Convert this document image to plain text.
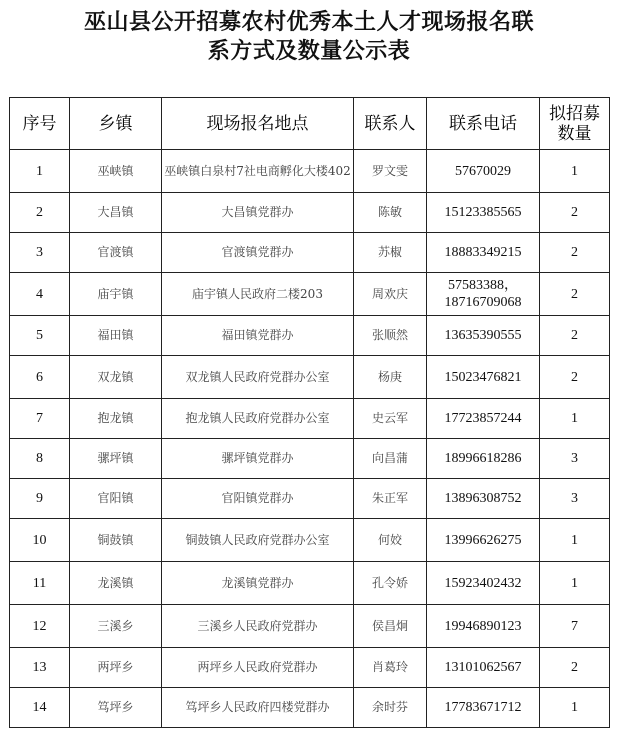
巫山县公开招募农村优秀本土人才现场报名联
系方式及数量公示表
序号	乡镇	现场报名地点	联系人	联系电话	拟招募
数量

1	巫峡镇	巫峡镇白泉村7社电商孵化大楼402	罗文雯	57670029	1
2	大昌镇	大昌镇党群办	陈敏	15123385565	2
3	官渡镇	官渡镇党群办	苏椒	18883349215	2
4	庙宇镇	庙宇镇人民政府二楼203	周欢庆	57583388，
18716709068	2
5	福田镇	福田镇党群办	张顺然	13635390555	2
6	双龙镇	双龙镇人民政府党群办公室	杨庚	15023476821	2
7	抱龙镇	抱龙镇人民政府党群办公室	史云军	17723857244	1
8	骡坪镇	骡坪镇党群办	向昌蒲	18996618286	3
9	官阳镇	官阳镇党群办	朱正军	13896308752	3
10	铜鼓镇	铜鼓镇人民政府党群办公室	何姣	13996626275	1
11	龙溪镇	龙溪镇党群办	孔令娇	15923402432	1
12	三溪乡	三溪乡人民政府党群办	侯昌炯	19946890123	7
13	两坪乡	两坪乡人民政府党群办	肖葛玲	13101062567	2
14	笃坪乡	笃坪乡人民政府四楼党群办	余时芬	17783671712	1
